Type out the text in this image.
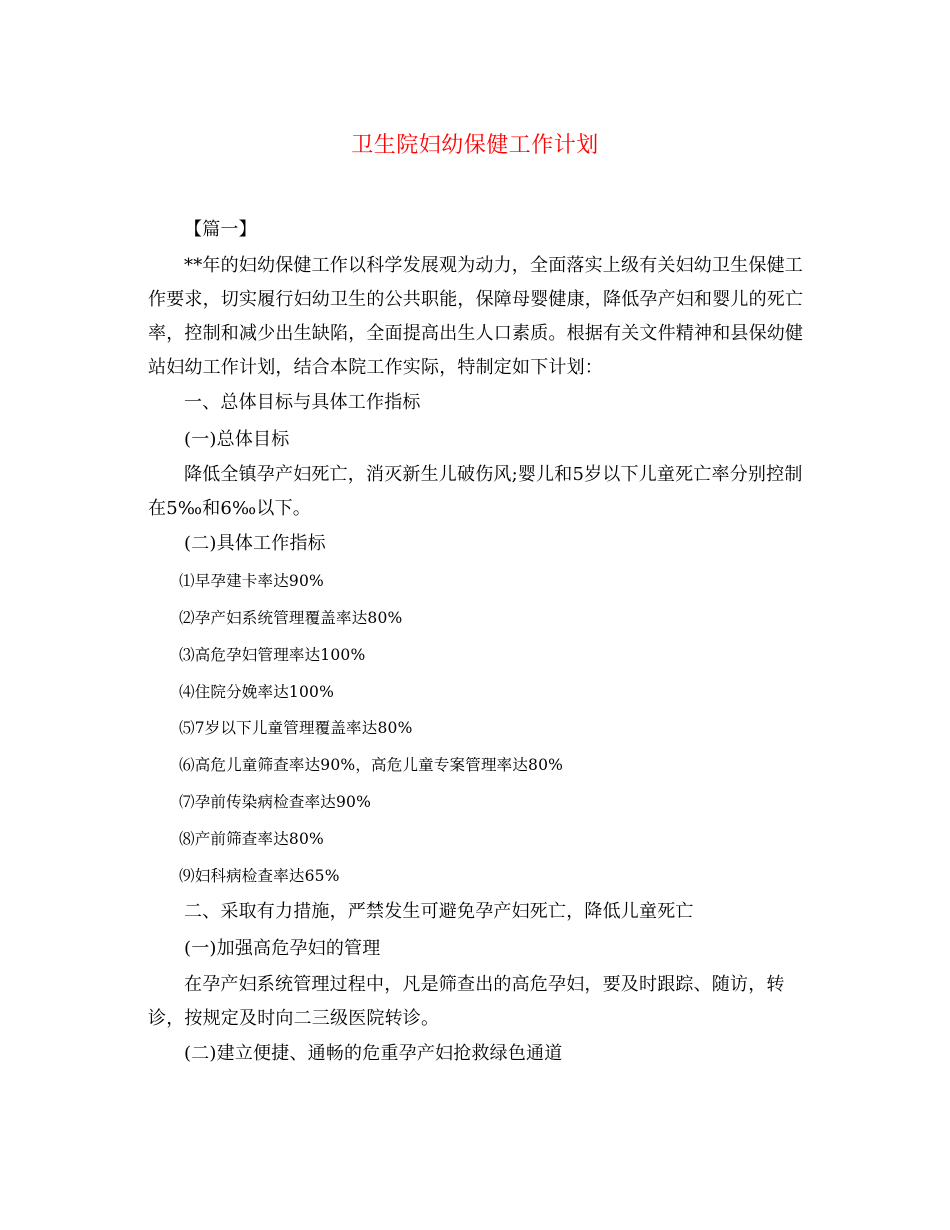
卫生院妇幼保健工作计划

【篇一】

**年的妇幼保健工作以科学发展观为动力，全面落实上级有关妇幼卫生保健工作要求，切实履行妇幼卫生的公共职能，保障母婴健康，降低孕产妇和婴儿的死亡率，控制和减少出生缺陷，全面提高出生人口素质。根据有关文件精神和县保幼健站妇幼工作计划，结合本院工作实际，特制定如下计划：

一、总体目标与具体工作指标

(一)总体目标

降低全镇孕产妇死亡，消灭新生儿破伤风;婴儿和5岁以下儿童死亡率分别控制在5‰和6‰以下。

(二)具体工作指标

⑴早孕建卡率达90%

⑵孕产妇系统管理覆盖率达80%

⑶高危孕妇管理率达100%

⑷住院分娩率达100%

⑸7岁以下儿童管理覆盖率达80%

⑹高危儿童筛查率达90%，高危儿童专案管理率达80%

⑺孕前传染病检查率达90%

⑻产前筛查率达80%

⑼妇科病检查率达65%

二、采取有力措施，严禁发生可避免孕产妇死亡，降低儿童死亡

(一)加强高危孕妇的管理

在孕产妇系统管理过程中，凡是筛查出的高危孕妇，要及时跟踪、随访，转诊，按规定及时向二三级医院转诊。

(二)建立便捷、通畅的危重孕产妇抢救绿色通道
